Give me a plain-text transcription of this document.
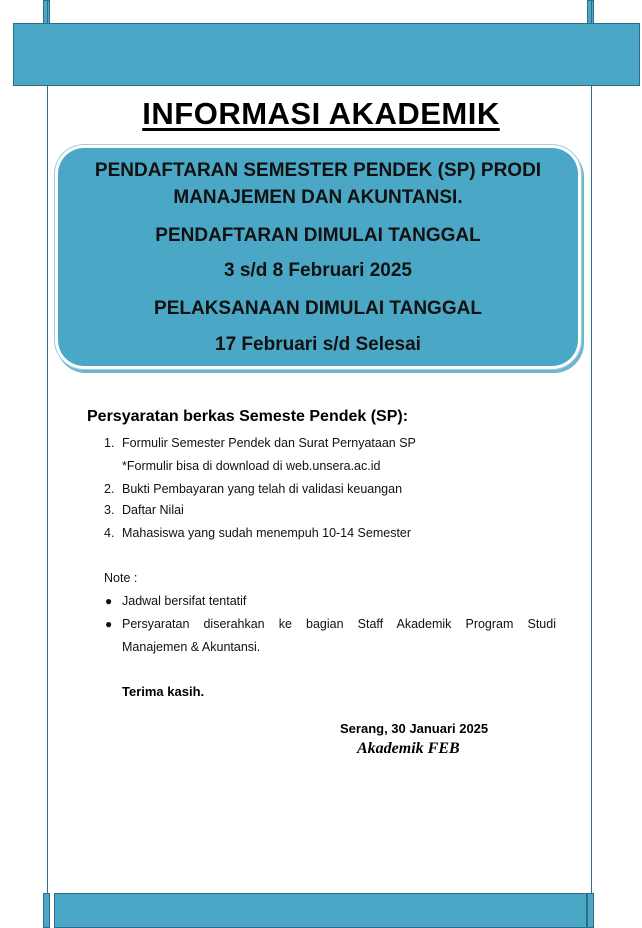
INFORMASI AKADEMIK
PENDAFTARAN SEMESTER PENDEK (SP) PRODI
MANAJEMEN DAN AKUNTANSI.
PENDAFTARAN DIMULAI TANGGAL
3 s/d 8 Februari 2025
PELAKSANAAN DIMULAI TANGGAL
17 Februari s/d Selesai
Persyaratan berkas Semeste Pendek (SP):
1. Formulir Semester Pendek dan Surat Pernyataan SP
*Formulir bisa di download di web.unsera.ac.id
2. Bukti Pembayaran yang telah di validasi keuangan
3. Daftar Nilai
4. Mahasiswa yang sudah menempuh 10-14 Semester
Note :
● Jadwal bersifat tentatif
● Persyaratan diserahkan ke bagian Staff Akademik Program Studi
Manajemen & Akuntansi.
Terima kasih.
Serang, 30 Januari 2025
Akademik FEB
